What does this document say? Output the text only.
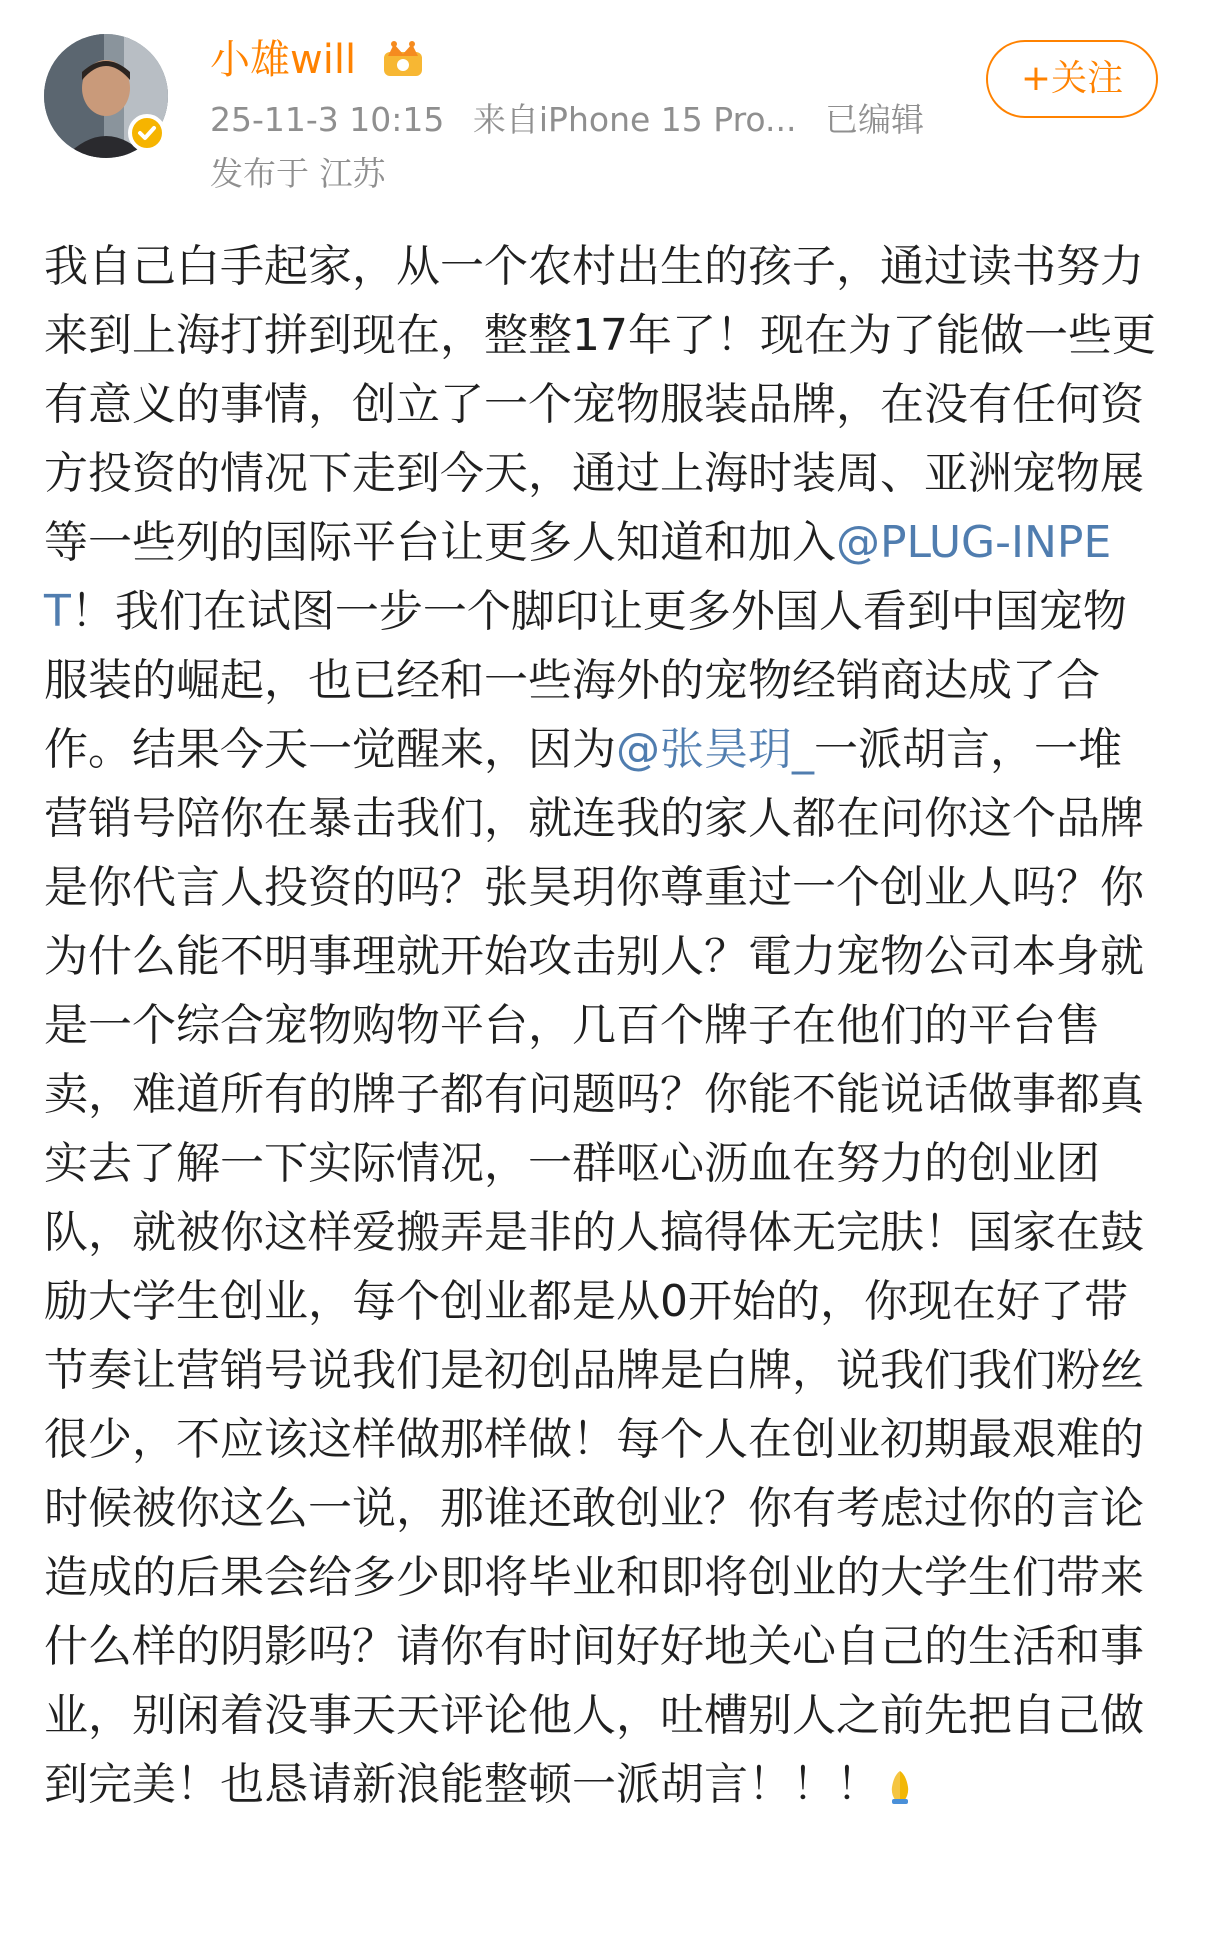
小雄will
25-11-3 10:15 来自iPhone 15 Pro... 已编辑
发布于 江苏
+关注
我自己白手起家，从一个农村出生的孩子，通过读书努力来到上海打拼到现在，整整17年了！现在为了能做一些更有意义的事情，创立了一个宠物服装品牌，在没有任何资方投资的情况下走到今天，通过上海时装周、亚洲宠物展等一些列的国际平台让更多人知道和加入@PLUG-INPET！我们在试图一步一个脚印让更多外国人看到中国宠物服装的崛起，也已经和一些海外的宠物经销商达成了合作。结果今天一觉醒来，因为@张昊玥_一派胡言，一堆营销号陪你在暴击我们，就连我的家人都在问你这个品牌是你代言人投资的吗？张昊玥你尊重过一个创业人吗？你为什么能不明事理就开始攻击别人？電力宠物公司本身就是一个综合宠物购物平台，几百个牌子在他们的平台售卖，难道所有的牌子都有问题吗？你能不能说话做事都真实去了解一下实际情况，一群呕心沥血在努力的创业团队，就被你这样爱搬弄是非的人搞得体无完肤！国家在鼓励大学生创业，每个创业都是从0开始的，你现在好了带节奏让营销号说我们是初创品牌是白牌，说我们我们粉丝很少，不应该这样做那样做！每个人在创业初期最艰难的时候被你这么一说，那谁还敢创业？你有考虑过你的言论造成的后果会给多少即将毕业和即将创业的大学生们带来什么样的阴影吗？请你有时间好好地关心自己的生活和事业，别闲着没事天天评论他人，吐槽别人之前先把自己做到完美！也恳请新浪能整顿一派胡言！！！
